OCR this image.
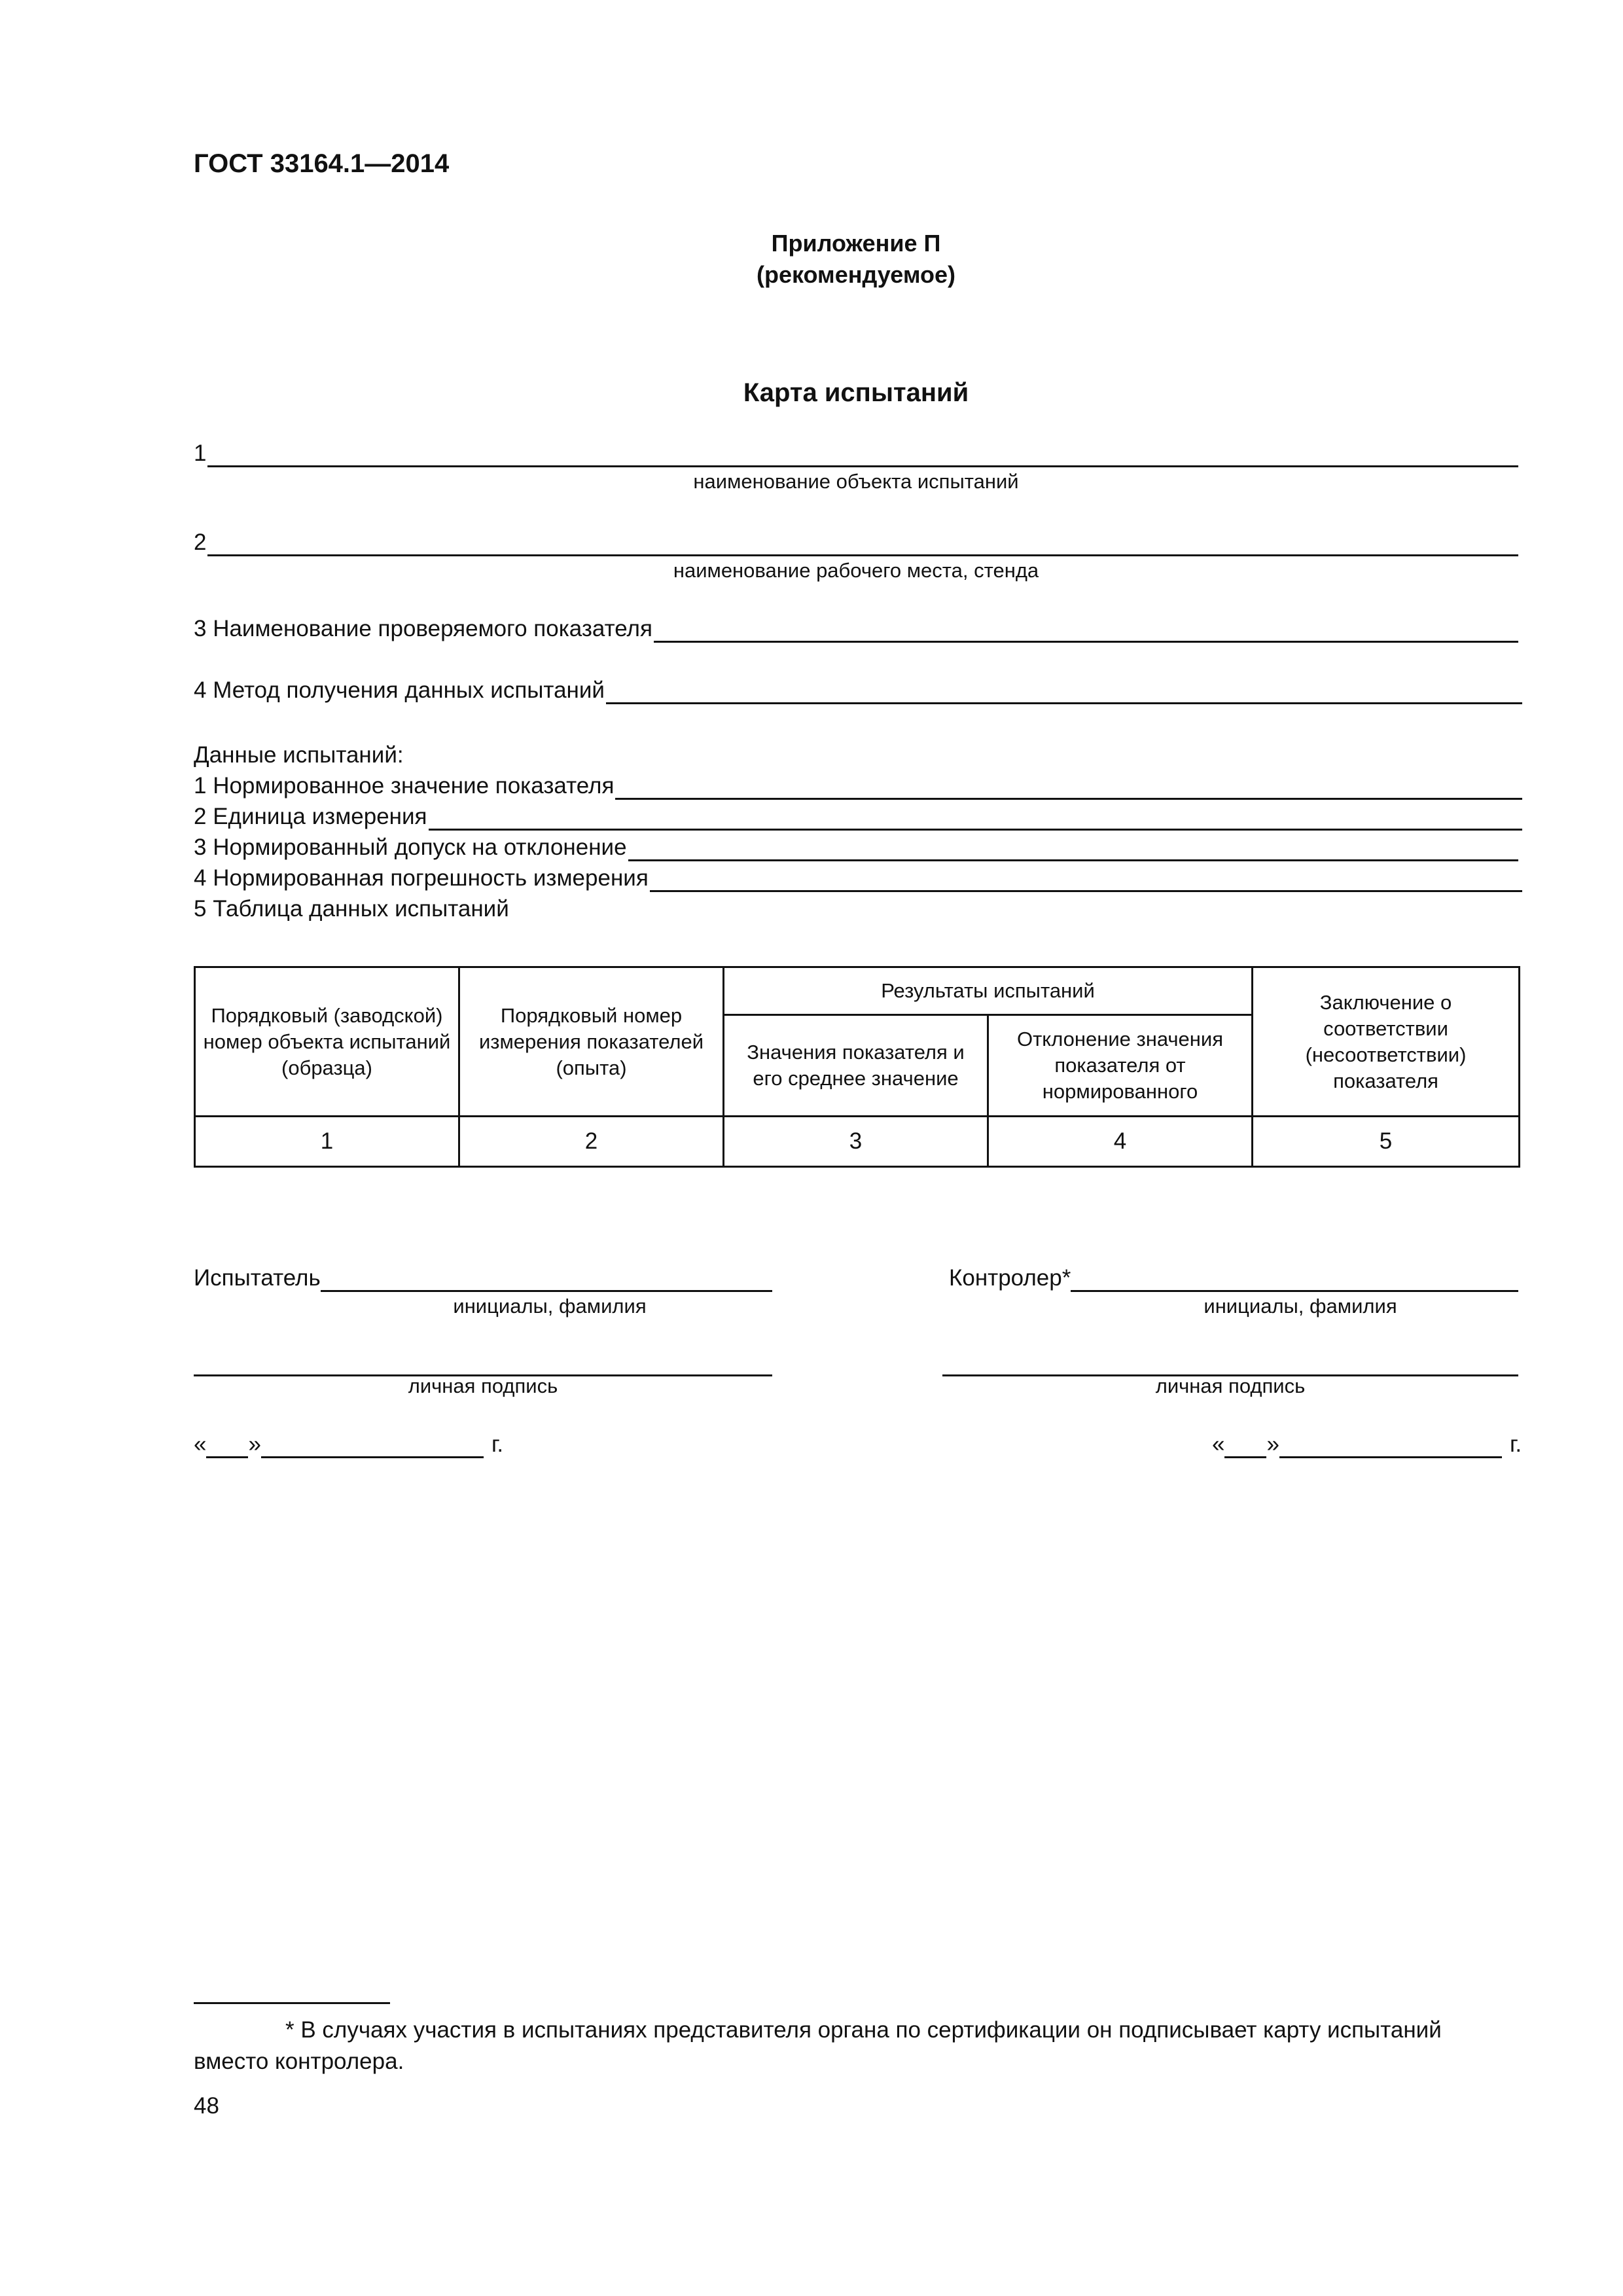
ГОСТ 33164.1—2014
Приложение П
(рекомендуемое)
Карта испытаний
1
наименование объекта испытаний
2
наименование рабочего места, стенда
3 Наименование проверяемого показателя
4 Метод получения данных испытаний
Данные испытаний:
1 Нормированное значение показателя
2 Единица измерения
3 Нормированный допуск на отклонение
4 Нормированная погрешность измерения
5 Таблица данных испытаний
Порядковый (заводской) номер объекта испытаний (образца)	Порядковый номер измерения показателей (опыта)	Результаты испытаний		Заключение о соответствии (несоответствии) показателя
		Значения показателя и его среднее значение	Отклонение значения показателя от нормированного	
1	2	3	4	5
Испытатель
инициалы, фамилия
личная подпись
« »	г.
Контролер*
инициалы, фамилия
личная подпись
« »	г.
* В случаях участия в испытаниях представителя органа по сертификации он подписывает карту испытаний вместо контролера.
48
